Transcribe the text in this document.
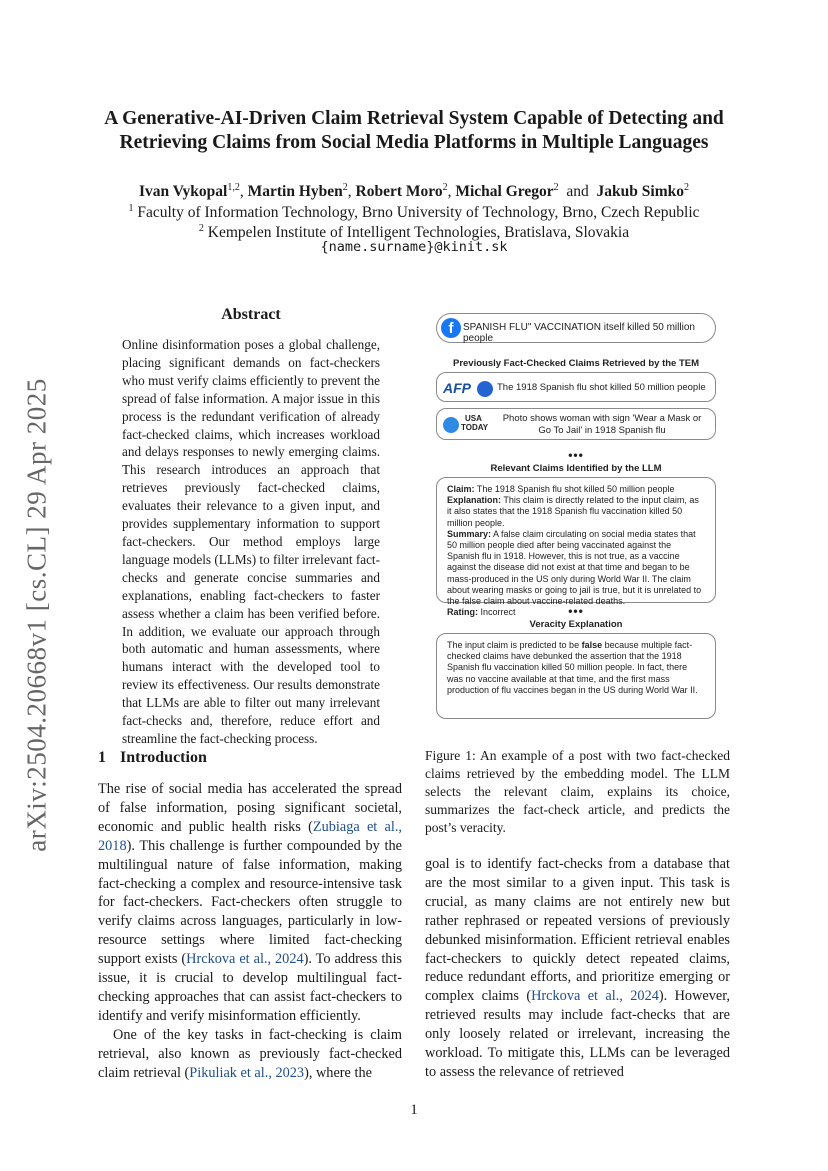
arXiv:2504.20668v1 [cs.CL] 29 Apr 2025
A Generative-AI-Driven Claim Retrieval System Capable of Detecting and
Retrieving Claims from Social Media Platforms in Multiple Languages
Ivan Vykopal$^{1,2}$, Martin Hyben$^2$, Robert Moro$^2$, Michal Gregor$^2$ and Jakub Simko$^2$
$^1$ Faculty of Information Technology, Brno University of Technology, Brno, Czech Republic
$^2$ Kempelen Institute of Intelligent Technologies, Bratislava, Slovakia
{name.surname}@kinit.sk
Abstract
Online disinformation poses a global challenge, placing significant demands on fact-checkers who must verify claims efficiently to prevent the spread of false information. A major issue in this process is the redundant verification of already fact-checked claims, which increases workload and delays responses to newly emerging claims. This research introduces an approach that retrieves previously fact-checked claims, evaluates their relevance to a given input, and provides supplementary information to support fact-checkers. Our method employs large language models (LLMs) to filter irrelevant fact-checks and generate concise summaries and explanations, enabling fact-checkers to faster assess whether a claim has been verified before. In addition, we evaluate our approach through both automatic and human assessments, where humans interact with the developed tool to review its effectiveness. Our results demonstrate that LLMs are able to filter out many irrelevant fact-checks and, therefore, reduce effort and streamline the fact-checking process.
1 Introduction

The rise of social media has accelerated the spread of false information, posing significant societal, economic and public health risks (Zubiaga et al., 2018). This challenge is further compounded by the multilingual nature of false information, making fact-checking a complex and resource-intensive task for fact-checkers. Fact-checkers often struggle to verify claims across languages, particularly in low-resource settings where limited fact-checking support exists (Hrckova et al., 2024). To address this issue, it is crucial to develop multilingual fact-checking approaches that can assist fact-checkers to identify and verify misinformation efficiently.

One of the key tasks in fact-checking is claim retrieval, also known as previously fact-checked claim retrieval (Pikuliak et al., 2023), where the

goal is to identify fact-checks from a database that are the most similar to a given input. This task is crucial, as many claims are not entirely new but rather rephrased or repeated versions of previously debunked misinformation. Efficient retrieval enables fact-checkers to quickly detect repeated claims, reduce redundant efforts, and prioritize emerging or complex claims (Hrckova et al., 2024). However, retrieved results may include fact-checks that are only loosely related or irrelevant, increasing the workload. To mitigate this, LLMs can be leveraged to assess the relevance of retrieved
f SPANISH FLU" VACCINATION itself killed 50 million people
Previously Fact-Checked Claims Retrieved by the TEM
AFP	The 1918 Spanish flu shot killed 50 million people
USA
TODAY
Photo shows woman with sign 'Wear a Mask or Go To Jail' in 1918 Spanish flu
•••
Relevant Claims Identified by the LLM
Claim: The 1918 Spanish flu shot killed 50 million people
Explanation: This claim is directly related to the input claim, as it also states that the 1918 Spanish flu vaccination killed 50 million people.
Summary: A false claim circulating on social media states that 50 million people died after being vaccinated against the Spanish flu in 1918. However, this is not true, as a vaccine against the disease did not exist at that time and began to be mass-produced in the US only during World War II. The claim about wearing masks or going to jail is true, but it is unrelated to the false claim about vaccine-related deaths.
Rating: Incorrect	•••
Veracity Explanation
The input claim is predicted to be false because multiple fact-checked claims have debunked the assertion that the 1918 Spanish flu vaccination killed 50 million people. In fact, there was no vaccine available at that time, and the first mass production of flu vaccines began in the US during World War II.
Figure 1: An example of a post with two fact-checked claims retrieved by the embedding model. The LLM selects the relevant claim, explains its choice, summarizes the fact-check article, and predicts the post’s veracity.
1
